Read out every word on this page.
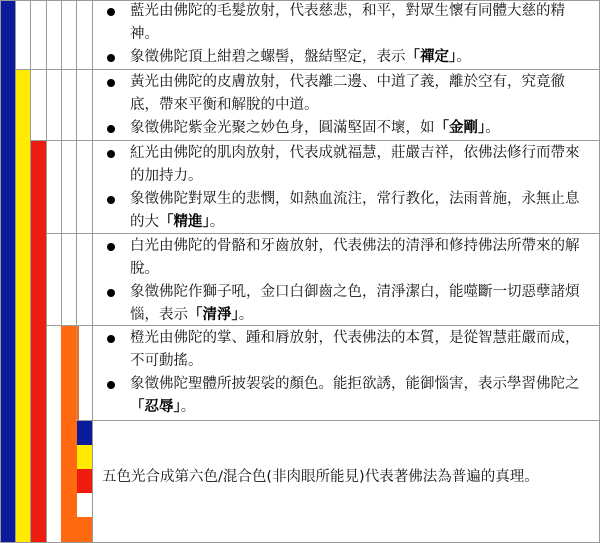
藍光由佛陀的毛髮放射，代表慈悲，和平，對眾生懷有同體大慈的精神。

象徵佛陀頂上紺碧之螺髻，盤結堅定，表示「禪定」。

黃光由佛陀的皮膚放射，代表離二邊、中道了義，離於空有，究竟徹底，帶來平衡和解脫的中道。

象徵佛陀紫金光聚之妙色身，圓滿堅固不壞，如「金剛」。

紅光由佛陀的肌肉放射，代表成就福慧，莊嚴吉祥，依佛法修行而帶來的加持力。

象徵佛陀對眾生的悲憫，如熱血流注，常行教化，法雨普施，永無止息的大「精進」。

白光由佛陀的骨骼和牙齒放射，代表佛法的清淨和修持佛法所帶來的解脫。

象徵佛陀作獅子吼，金口白御齒之色，清淨潔白，能噬斷一切惡孽諸煩惱，表示「清淨」。

橙光由佛陀的掌、踵和脣放射，代表佛法的本質，是從智慧莊嚴而成，不可動搖。

象徵佛陀聖體所披袈裟的顏色。能拒欲誘，能御惱害，表示學習佛陀之「忍辱」。

五色光合成第六色/混合色(非肉眼所能見)代表著佛法為普遍的真理。
